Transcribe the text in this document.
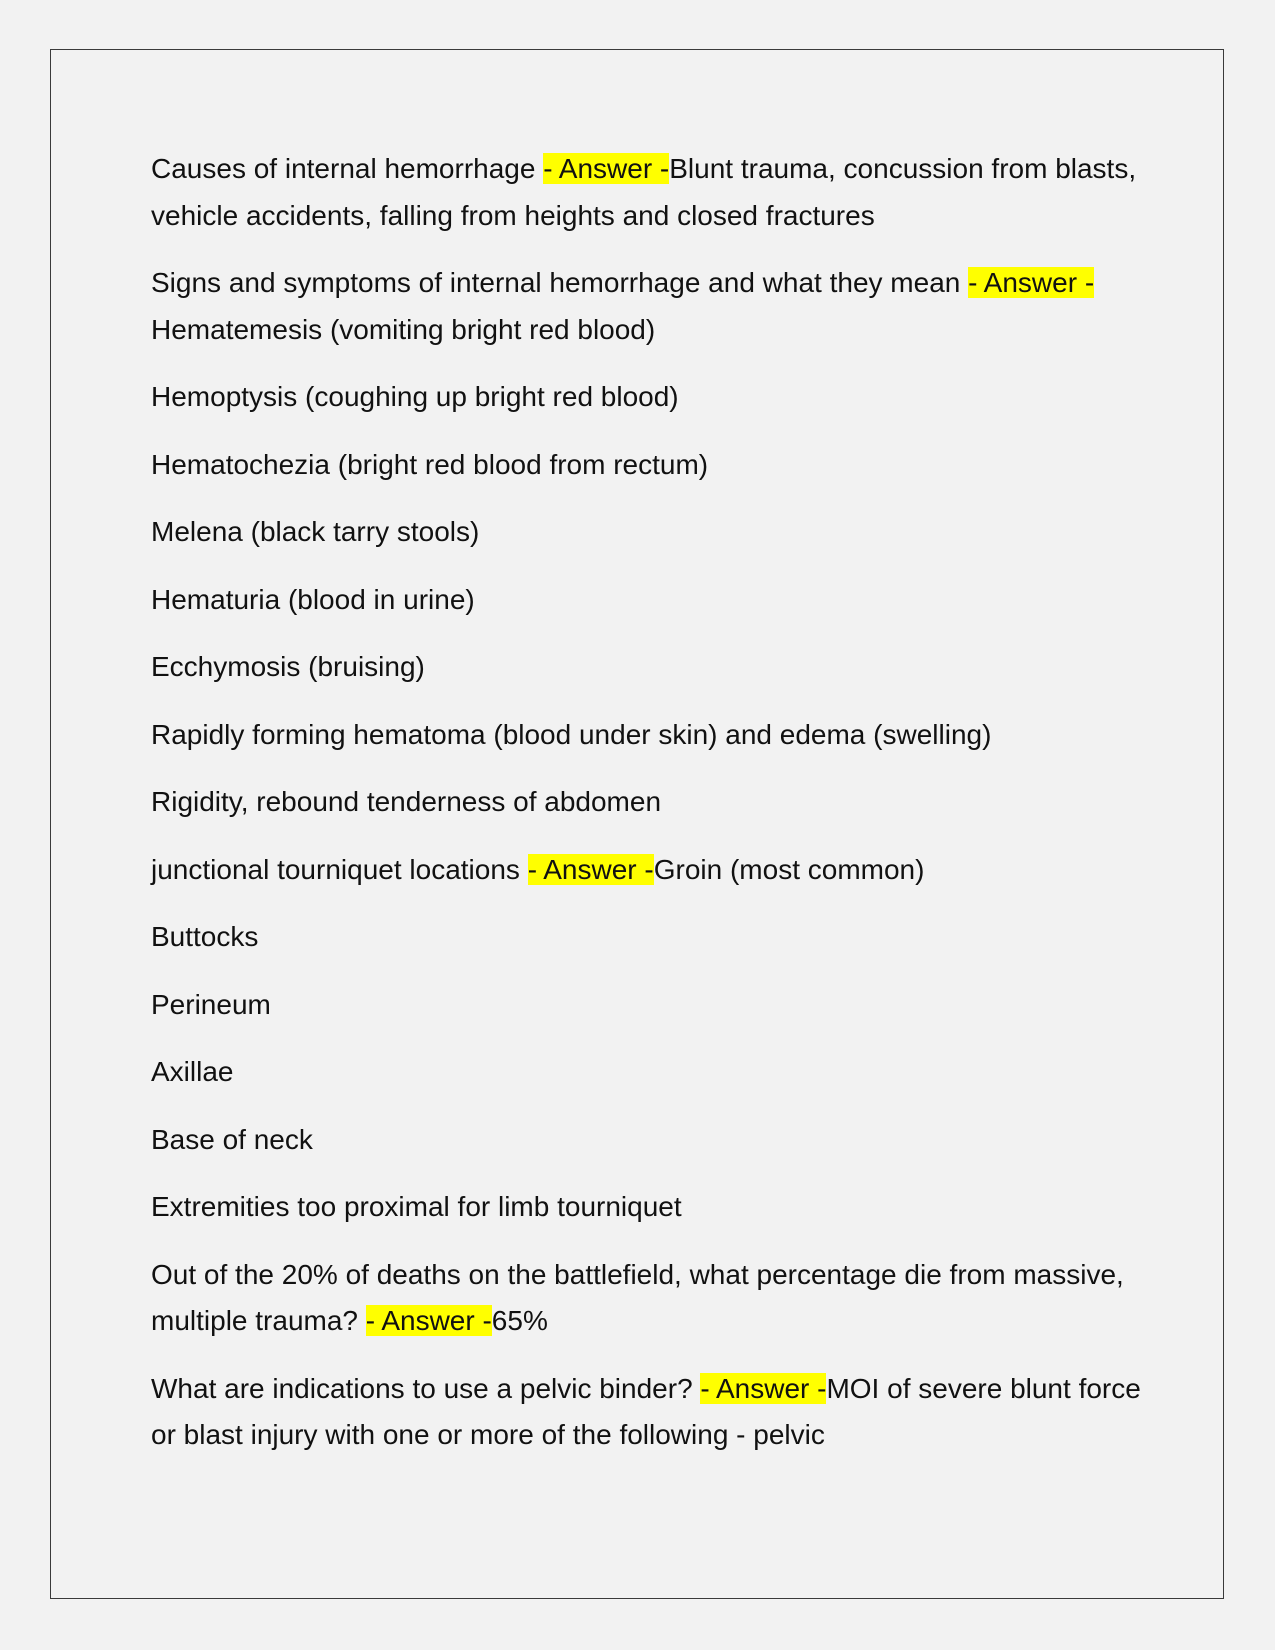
Causes of internal hemorrhage - Answer -Blunt trauma, concussion from blasts, vehicle accidents, falling from heights and closed fractures

Signs and symptoms of internal hemorrhage and what they mean - Answer -Hematemesis (vomiting bright red blood)

Hemoptysis (coughing up bright red blood)

Hematochezia (bright red blood from rectum)

Melena (black tarry stools)

Hematuria (blood in urine)

Ecchymosis (bruising)

Rapidly forming hematoma (blood under skin) and edema (swelling)

Rigidity, rebound tenderness of abdomen

junctional tourniquet locations - Answer -Groin (most common)

Buttocks

Perineum

Axillae

Base of neck

Extremities too proximal for limb tourniquet

Out of the 20% of deaths on the battlefield, what percentage die from massive, multiple trauma? - Answer -65%

What are indications to use a pelvic binder? - Answer -MOI of severe blunt force or blast injury with one or more of the following - pelvic
